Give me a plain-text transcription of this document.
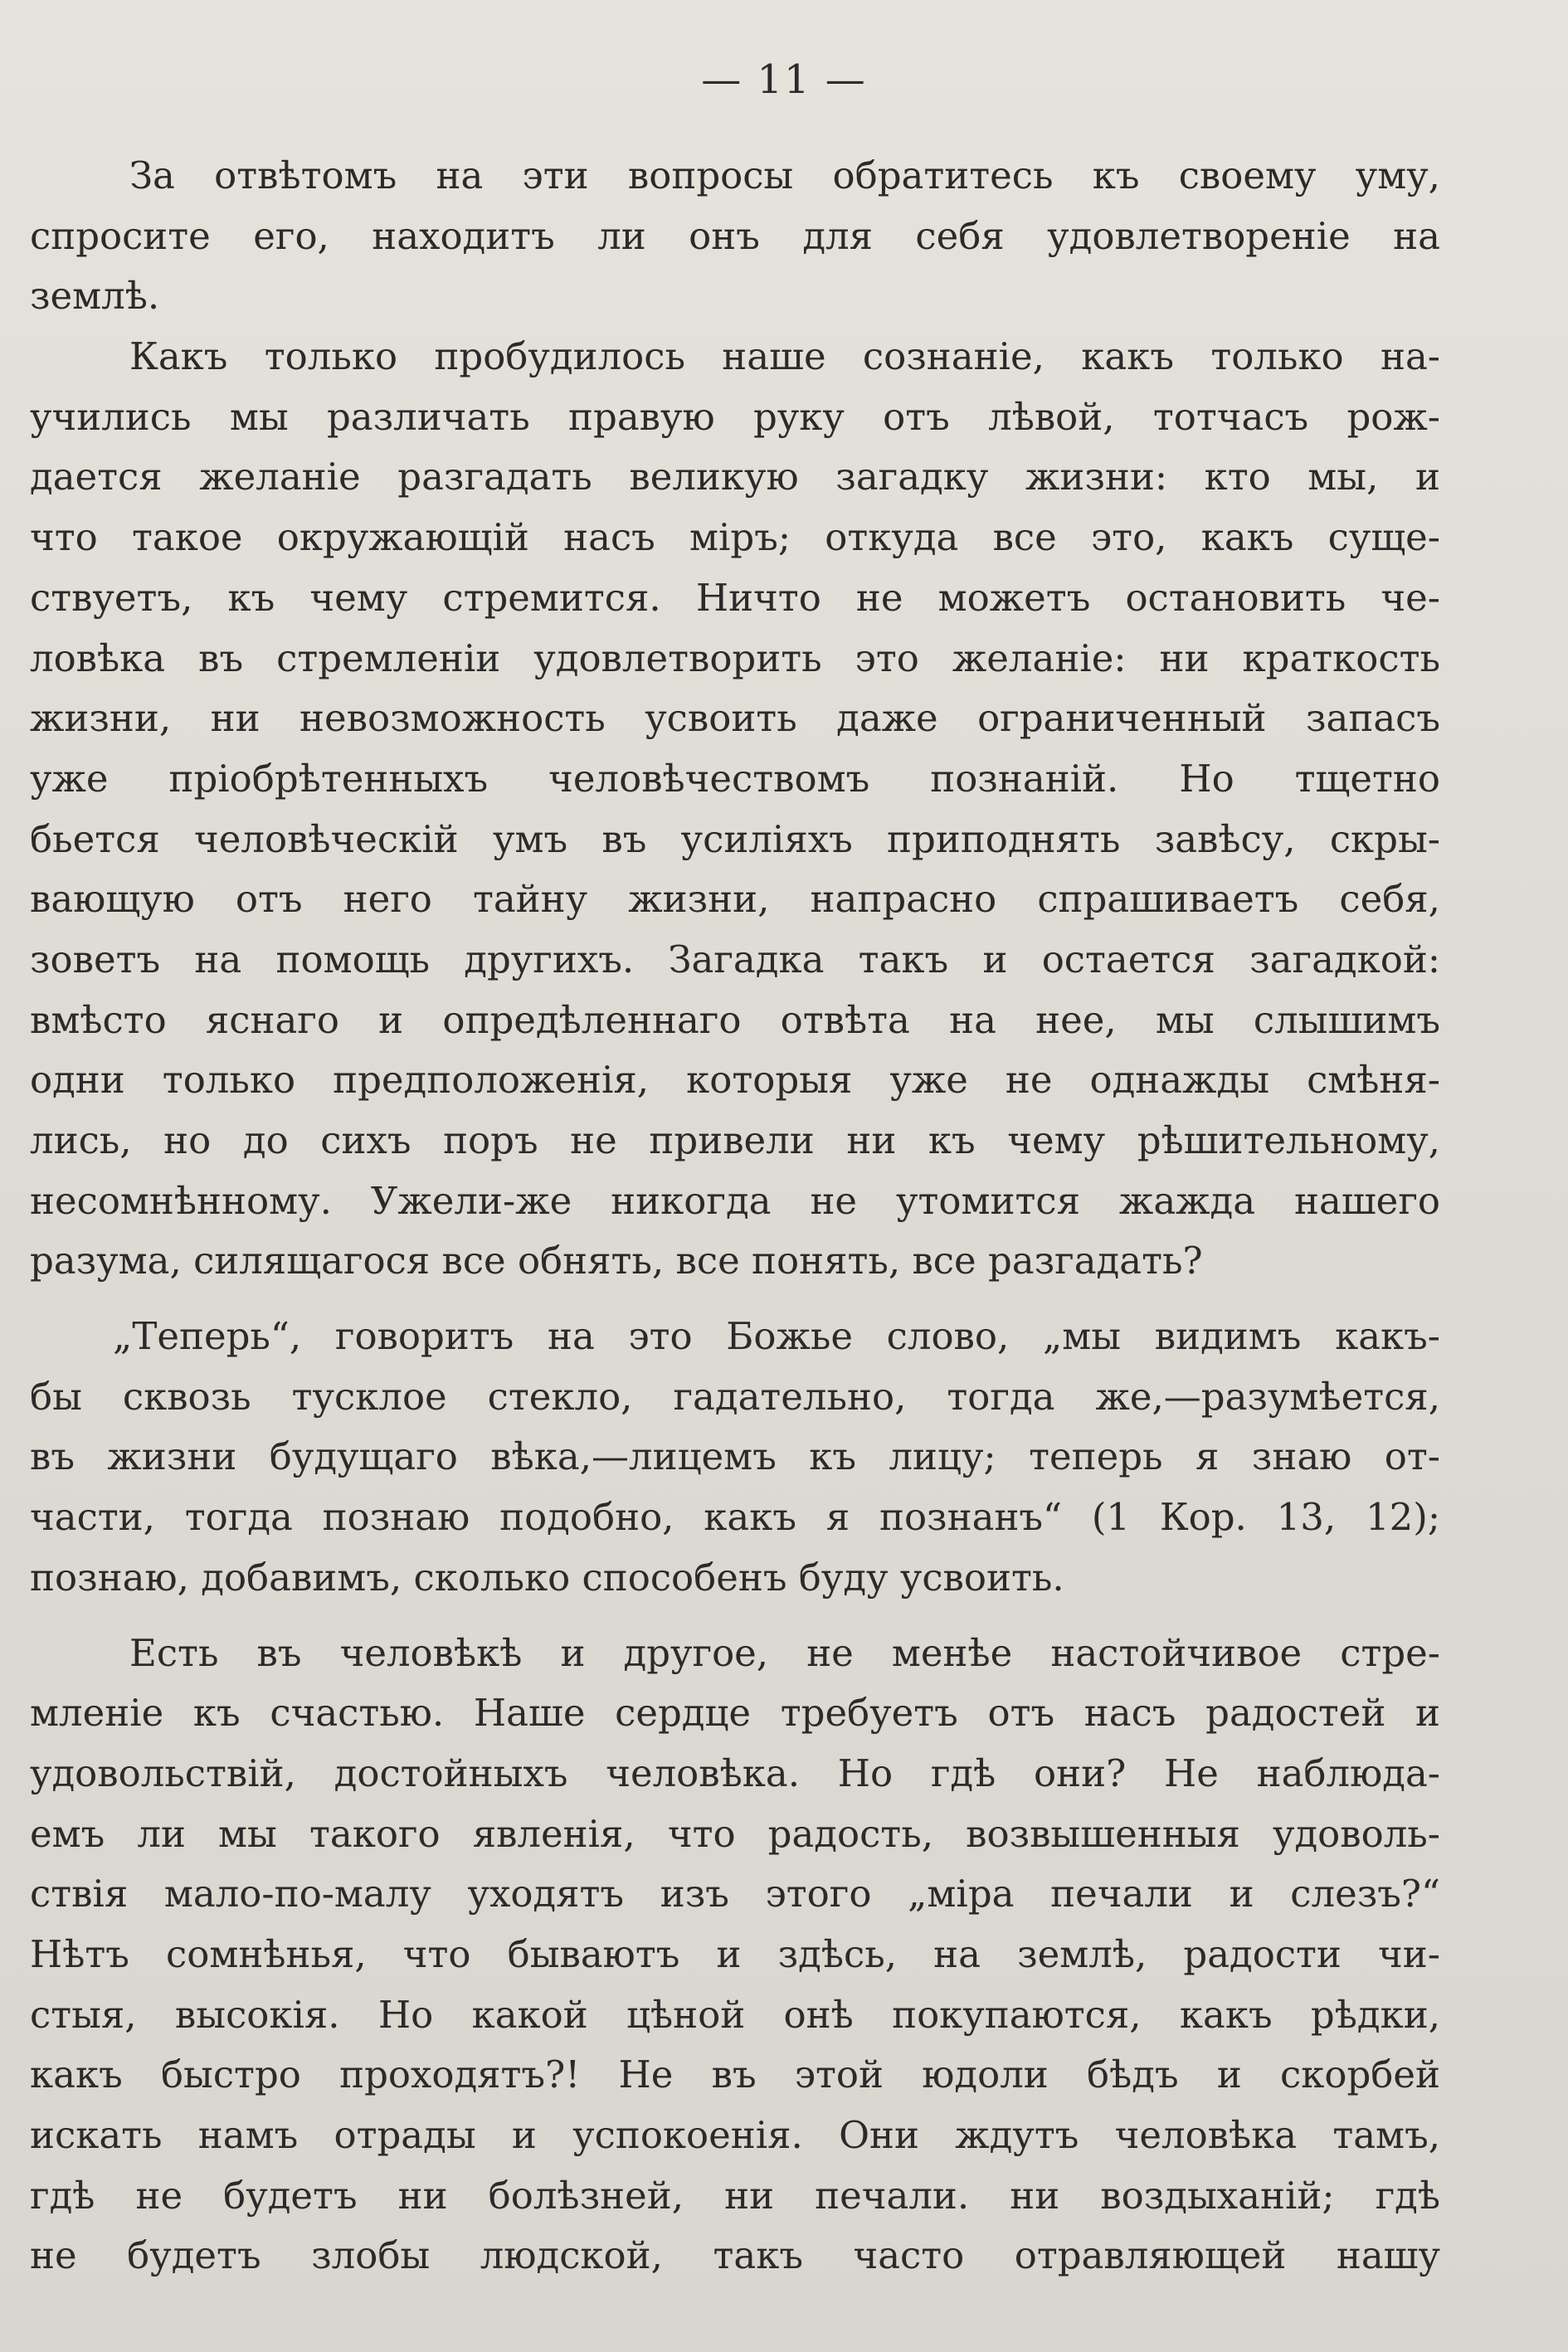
— 11 —
За отвѣтомъ на эти вопросы обратитесь къ своему уму,
спросите его, находитъ ли онъ для себя удовлетвореніе на
землѣ.
Какъ только пробудилось наше сознаніе, какъ только на-
учились мы различать правую руку отъ лѣвой, тотчасъ рож-
дается желаніе разгадать великую загадку жизни: кто мы, и
что такое окружающій насъ міръ; откуда все это, какъ суще-
ствуетъ, къ чему стремится. Ничто не можетъ остановить че-
ловѣка въ стремленіи удовлетворить это желаніе: ни краткость
жизни, ни невозможность усвоить даже ограниченный запасъ
уже пріобрѣтенныхъ человѣчествомъ познаній. Но тщетно
бьется человѣческій умъ въ усиліяхъ приподнять завѣсу, скры-
вающую отъ него тайну жизни, напрасно спрашиваетъ себя,
зоветъ на помощь другихъ. Загадка такъ и остается загадкой:
вмѣсто яснаго и опредѣленнаго отвѣта на нее, мы слышимъ
одни только предположенія, которыя уже не однажды смѣня-
лись, но до сихъ поръ не привели ни къ чему рѣшительному,
несомнѣнному. Ужели-же никогда не утомится жажда нашего
разума, силящагося все обнять, все понять, все разгадать?
„Теперь“, говоритъ на это Божье слово, „мы видимъ какъ-
бы сквозь тусклое стекло, гадательно, тогда же,—разумѣется,
въ жизни будущаго вѣка,—лицемъ къ лицу; теперь я знаю от-
части, тогда познаю подобно, какъ я познанъ“ (1 Кор. 13, 12);
познаю, добавимъ, сколько способенъ буду усвоить.
Есть въ человѣкѣ и другое, не менѣе настойчивое стре-
мленіе къ счастью. Наше сердце требуетъ отъ насъ радостей и
удовольствій, достойныхъ человѣка. Но гдѣ они? Не наблюда-
емъ ли мы такого явленія, что радость, возвышенныя удоволь-
ствія мало-по-малу уходятъ изъ этого „міра печали и слезъ?“
Нѣтъ сомнѣнья, что бываютъ и здѣсь, на землѣ, радости чи-
стыя, высокія. Но какой цѣной онѣ покупаются, какъ рѣдки,
какъ быстро проходятъ?! Не въ этой юдоли бѣдъ и скорбей
искать намъ отрады и успокоенія. Они ждутъ человѣка тамъ,
гдѣ не будетъ ни болѣзней, ни печали. ни воздыханій; гдѣ
не будетъ злобы людской, такъ часто отравляющей нашу
